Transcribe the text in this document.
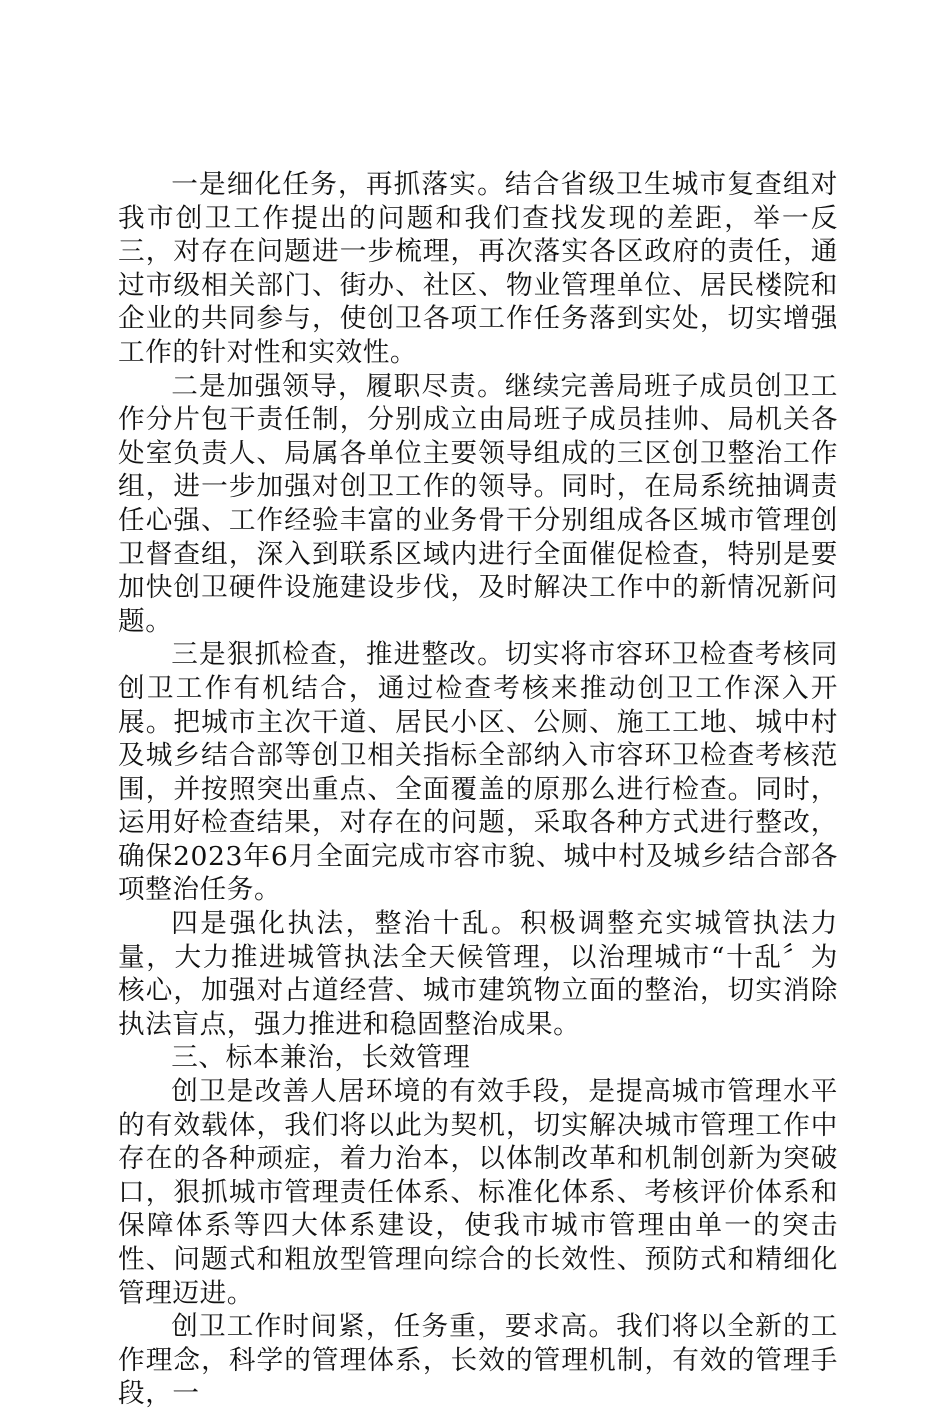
一是细化任务，再抓落实。结合省级卫生城市复查组对我市创卫工作提出的问题和我们查找发现的差距，举一反三，对存在问题进一步梳理，再次落实各区政府的责任，通过市级相关部门、街办、社区、物业管理单位、居民楼院和企业的共同参与，使创卫各项工作任务落到实处，切实增强工作的针对性和实效性。

二是加强领导，履职尽责。继续完善局班子成员创卫工作分片包干责任制，分别成立由局班子成员挂帅、局机关各处室负责人、局属各单位主要领导组成的三区创卫整治工作组，进一步加强对创卫工作的领导。同时，在局系统抽调责任心强、工作经验丰富的业务骨干分别组成各区城市管理创卫督查组，深入到联系区域内进行全面催促检查，特别是要加快创卫硬件设施建设步伐，及时解决工作中的新情况新问题。

三是狠抓检查，推进整改。切实将市容环卫检查考核同创卫工作有机结合，通过检查考核来推动创卫工作深入开展。把城市主次干道、居民小区、公厕、施工工地、城中村及城乡结合部等创卫相关指标全部纳入市容环卫检查考核范围，并按照突出重点、全面覆盖的原那么进行检查。同时，运用好检查结果，对存在的问题，采取各种方式进行整改，确保2023年6月全面完成市容市貌、城中村及城乡结合部各项整治任务。

四是强化执法，整治十乱。积极调整充实城管执法力量，大力推进城管执法全天候管理，以治理城市“十乱〞为核心，加强对占道经营、城市建筑物立面的整治，切实消除执法盲点，强力推进和稳固整治成果。

三、标本兼治，长效管理

创卫是改善人居环境的有效手段，是提高城市管理水平的有效载体，我们将以此为契机，切实解决城市管理工作中存在的各种顽症，着力治本，以体制改革和机制创新为突破口，狠抓城市管理责任体系、标准化体系、考核评价体系和保障体系等四大体系建设，使我市城市管理由单一的突击性、问题式和粗放型管理向综合的长效性、预防式和精细化管理迈进。

创卫工作时间紧，任务重，要求高。我们将以全新的工作理念，科学的管理体系，长效的管理机制，有效的管理手段，一
